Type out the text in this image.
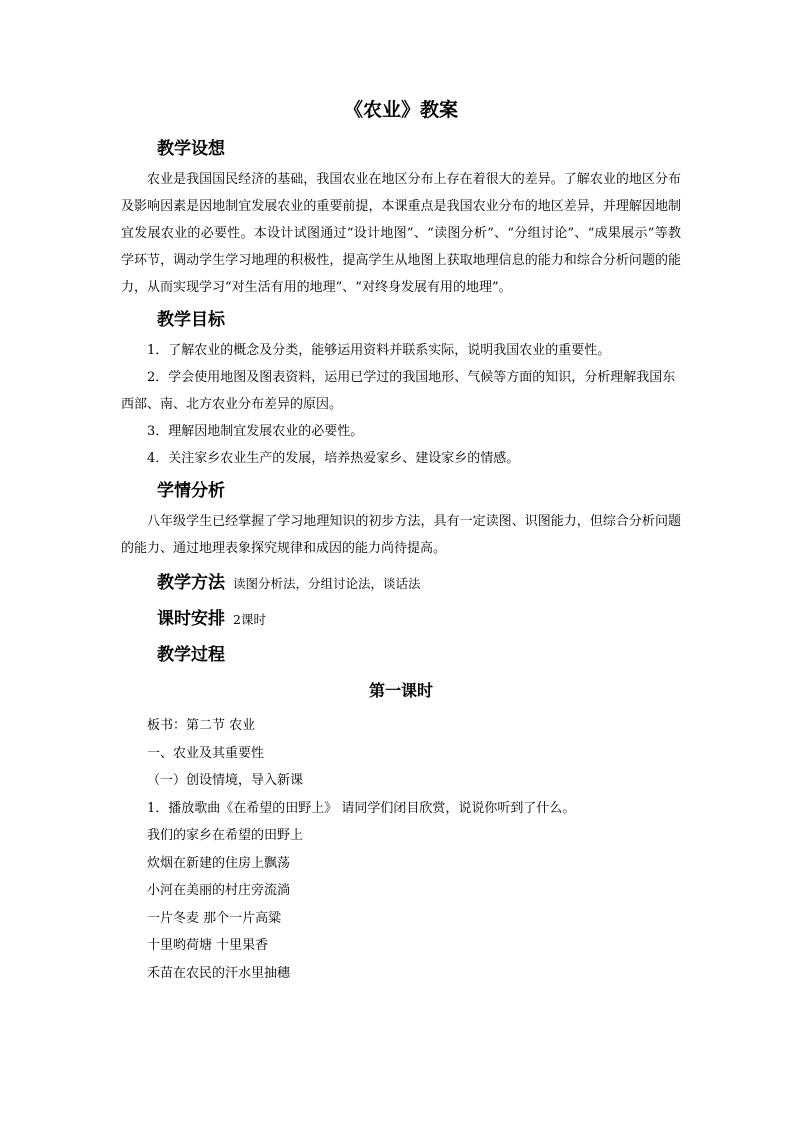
《农业》教案
教学设想

农业是我国国民经济的基础，我国农业在地区分布上存在着很大的差异。了解农业的地区分布及影响因素是因地制宜发展农业的重要前提，本课重点是我国农业分布的地区差异，并理解因地制宜发展农业的必要性。本设计试图通过“设计地图”、“读图分析”、“分组讨论”、“成果展示”等教学环节，调动学生学习地理的积极性，提高学生从地图上获取地理信息的能力和综合分析问题的能力，从而实现学习“对生活有用的地理”、“对终身发展有用的地理”。

教学目标

1．了解农业的概念及分类，能够运用资料并联系实际，说明我国农业的重要性。

2．学会使用地图及图表资料，运用已学过的我国地形、气候等方面的知识，分析理解我国东西部、南、北方农业分布差异的原因。

3．理解因地制宜发展农业的必要性。

4．关注家乡农业生产的发展，培养热爱家乡、建设家乡的情感。

学情分析

八年级学生已经掌握了学习地理知识的初步方法，具有一定读图、识图能力，但综合分析问题的能力、通过地理表象探究规律和成因的能力尚待提高。

教学方法 读图分析法，分组讨论法，谈话法
课时安排 2课时
教学过程
第一课时

板书：第二节 农业

一、农业及其重要性

（一）创设情境，导入新课

1．播放歌曲《在希望的田野上》 请同学们闭目欣赏，说说你听到了什么。

我们的家乡在希望的田野上

炊烟在新建的住房上飘荡

小河在美丽的村庄旁流淌

一片冬麦 那个一片高粱

十里哟荷塘 十里果香

禾苗在农民的汗水里抽穗
